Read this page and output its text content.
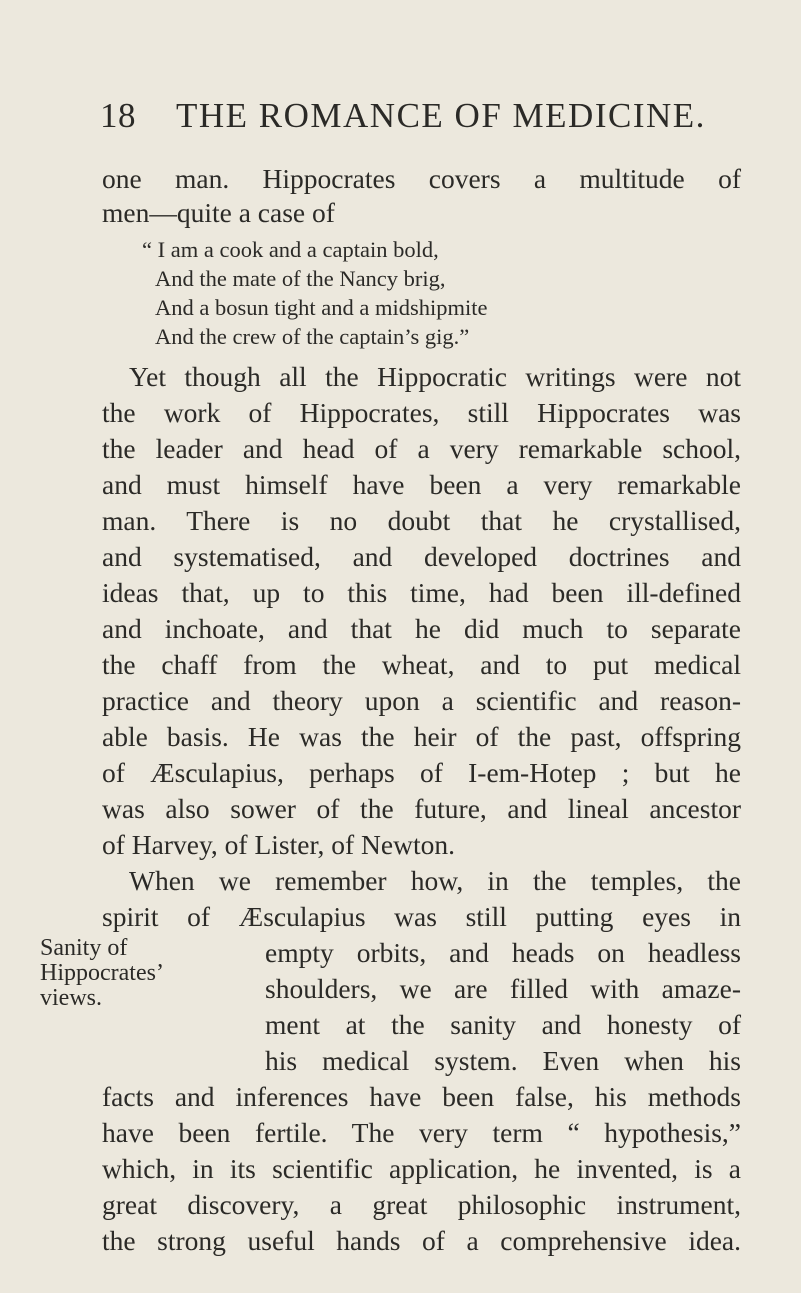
18 THE ROMANCE OF MEDICINE.
one man. Hippocrates covers a multitude of
men—quite a case of
“ I am a cook and a captain bold,
And the mate of the Nancy brig,
And a bosun tight and a midshipmite
And the crew of the captain’s gig.”
Yet though all the Hippocratic writings were not
the work of Hippocrates, still Hippocrates was
the leader and head of a very remarkable school,
and must himself have been a very remarkable
man. There is no doubt that he crystallised,
and systematised, and developed doctrines and
ideas that, up to this time, had been ill-defined
and inchoate, and that he did much to separate
the chaff from the wheat, and to put medical
practice and theory upon a scientific and reason-
able basis. He was the heir of the past, offspring
of Æsculapius, perhaps of I-em-Hotep ; but he
was also sower of the future, and lineal ancestor
of Harvey, of Lister, of Newton.
When we remember how, in the temples, the
spirit of Æsculapius was still putting eyes in
empty orbits, and heads on headless
shoulders, we are filled with amaze-
ment at the sanity and honesty of
his medical system. Even when his
facts and inferences have been false, his methods
have been fertile. The very term “ hypothesis,”
which, in its scientific application, he invented, is a
great discovery, a great philosophic instrument,
the strong useful hands of a comprehensive idea.
Sanity of
Hippocrates’
views.
